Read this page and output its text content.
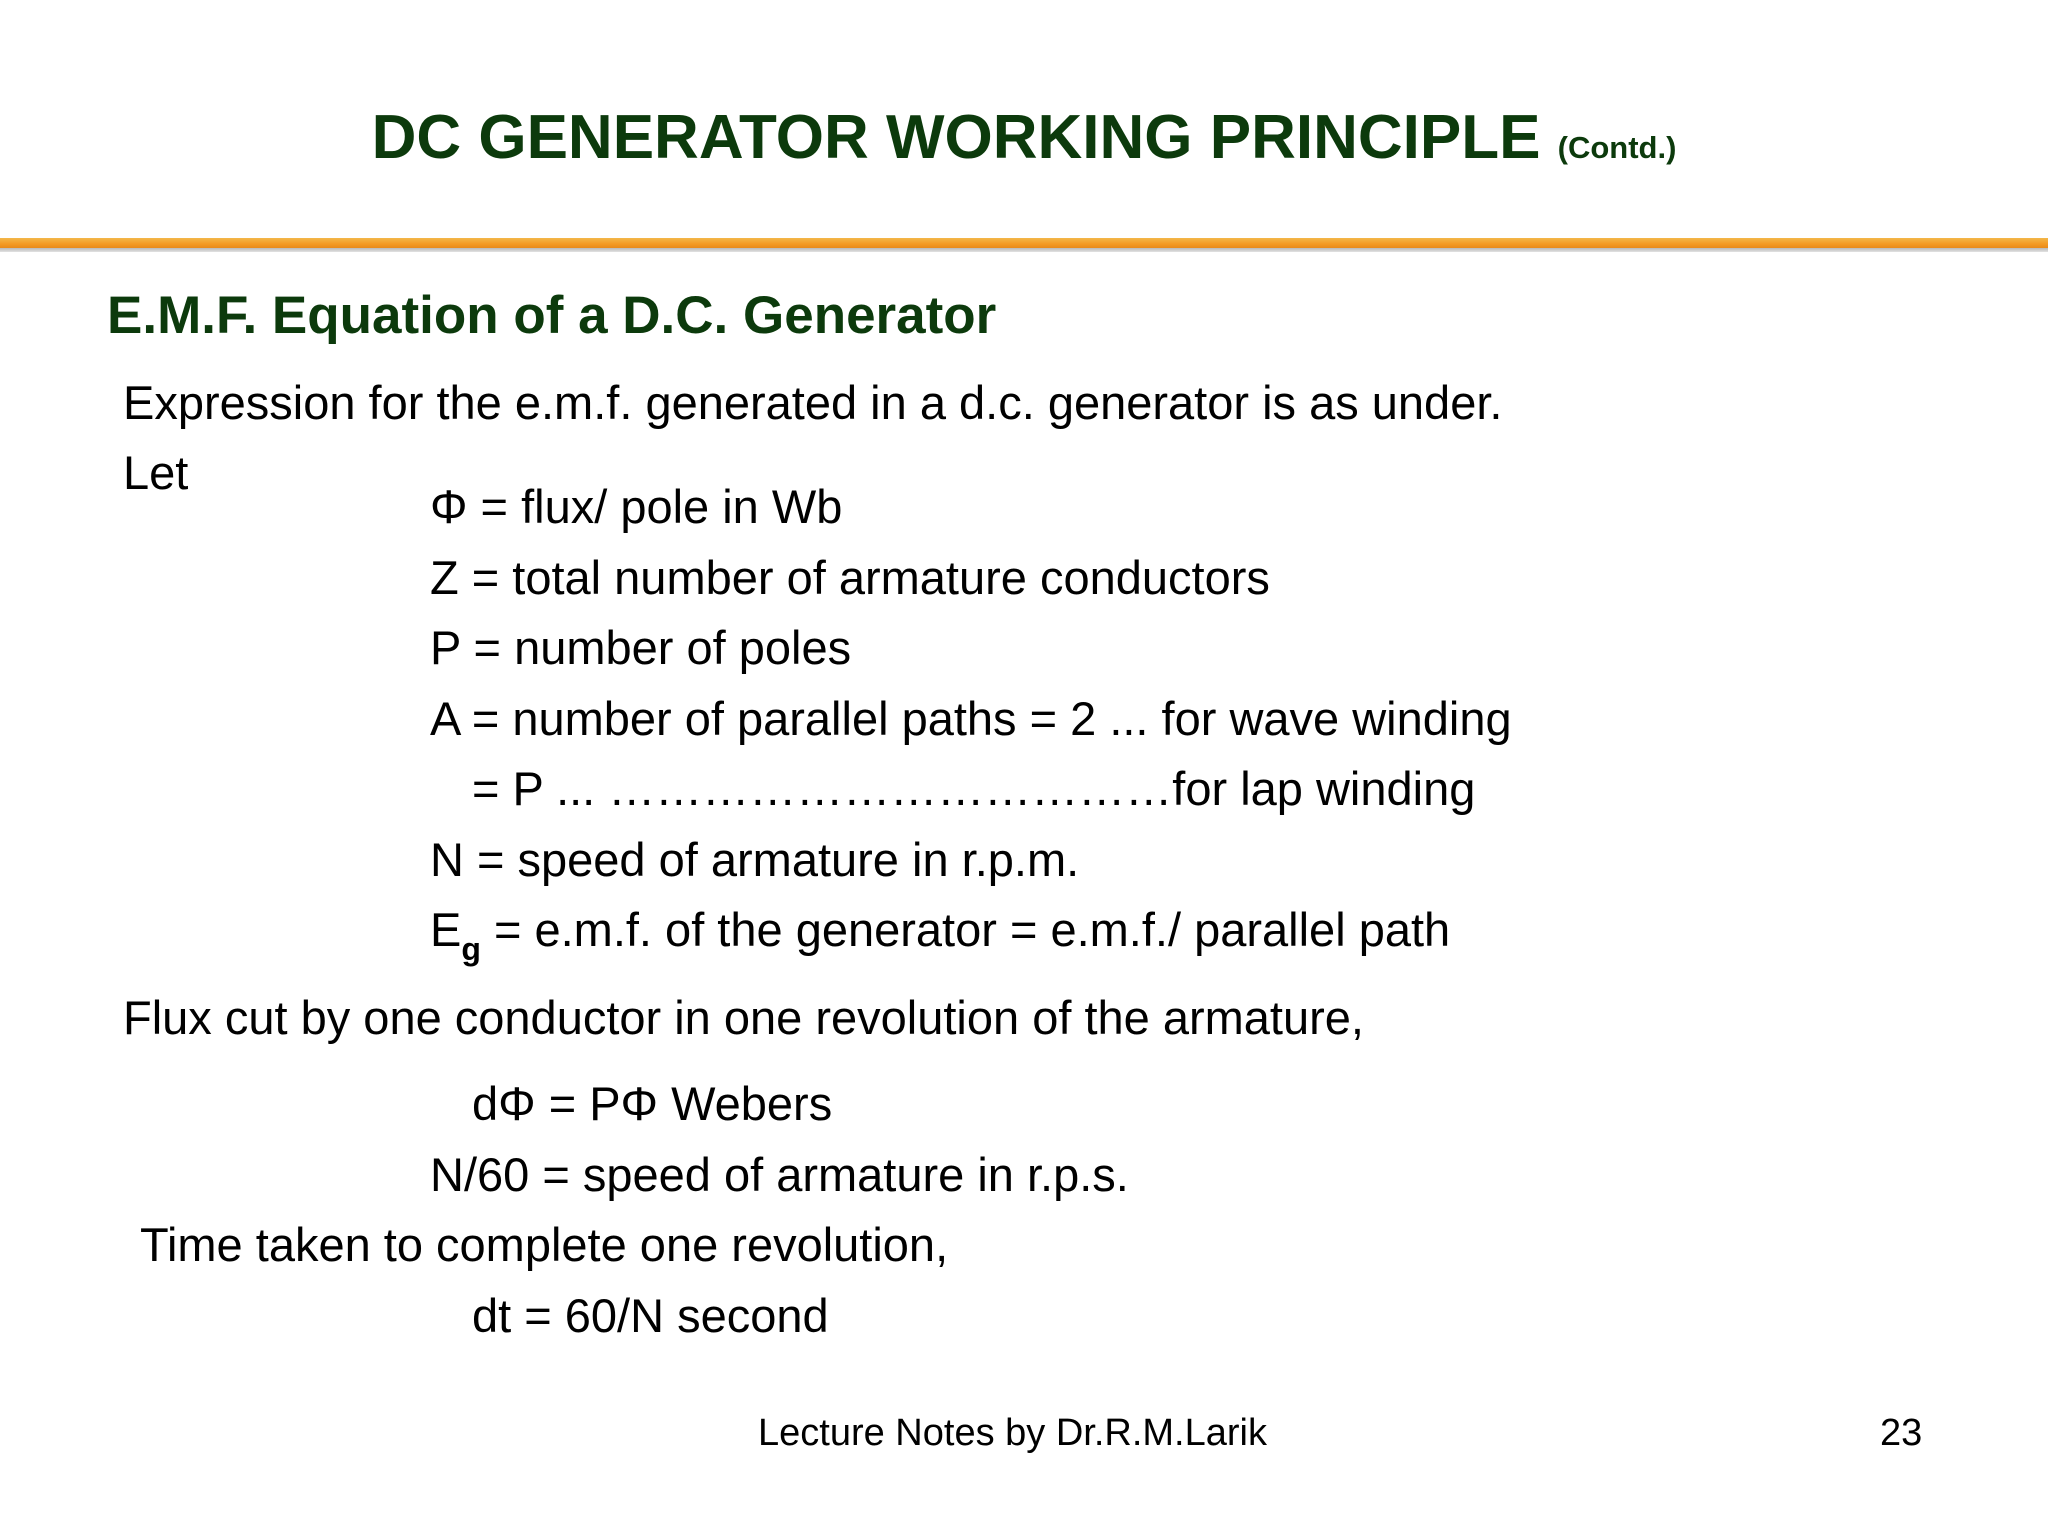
DC GENERATOR WORKING PRINCIPLE (Contd.)
E.M.F. Equation of a D.C. Generator
Expression for the e.m.f. generated in a d.c. generator is as under.
Let
Φ = flux/ pole in Wb
Z = total number of armature conductors
P = number of poles
A = number of parallel paths = 2 ... for wave winding
= P ... ………………………………for lap winding
N = speed of armature in r.p.m.
$E_g = e.m.f$. of the generator = e.m.f./ parallel path
Flux cut by one conductor in one revolution of the armature,
dΦ = PΦ Webers
N/60 = speed of armature in r.p.s.
Time taken to complete one revolution,
dt = 60/N second
Lecture Notes by Dr.R.M.Larik	23
